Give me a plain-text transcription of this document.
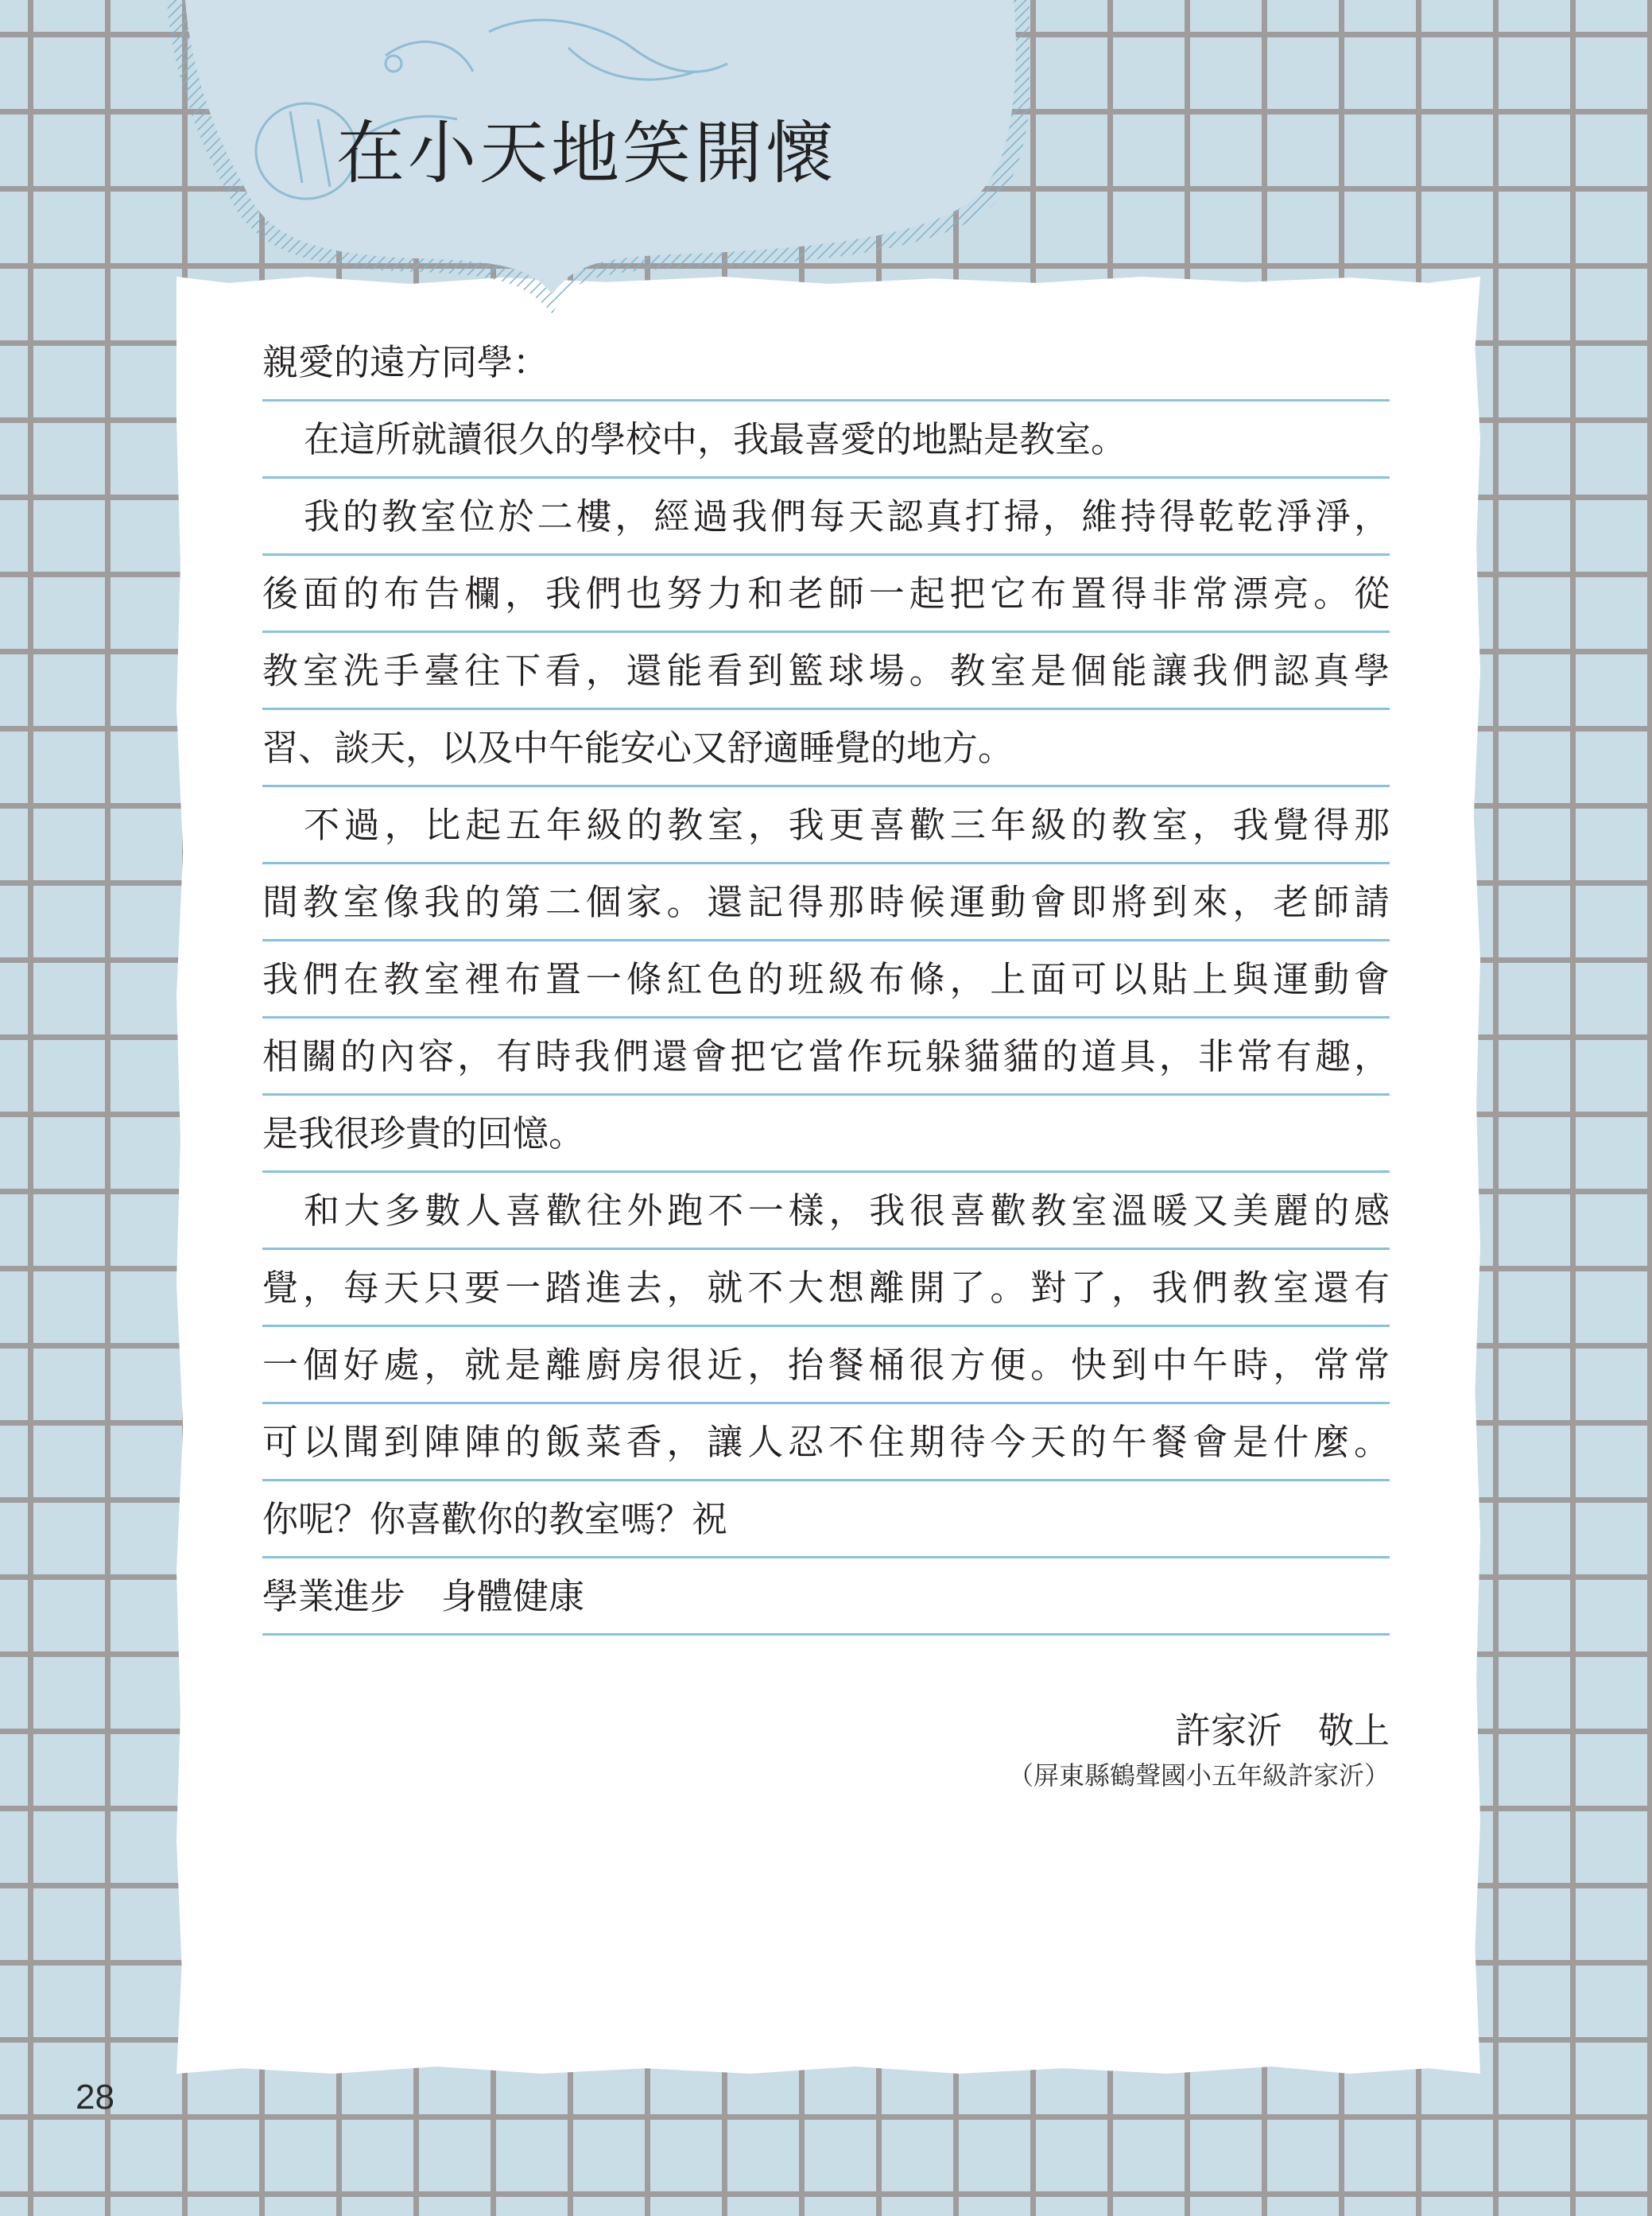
在小天地笑開懷
親愛的遠方同學：
在這所就讀很久的學校中，我最喜愛的地點是教室。
我的教室位於二樓，經過我們每天認真打掃，維持得乾乾淨淨，
後面的布告欄，我們也努力和老師一起把它布置得非常漂亮。從
教室洗手臺往下看，還能看到籃球場。教室是個能讓我們認真學
習、談天，以及中午能安心又舒適睡覺的地方。
不過，比起五年級的教室，我更喜歡三年級的教室，我覺得那
間教室像我的第二個家。還記得那時候運動會即將到來，老師請
我們在教室裡布置一條紅色的班級布條，上面可以貼上與運動會
相關的內容，有時我們還會把它當作玩躲貓貓的道具，非常有趣，
是我很珍貴的回憶。
和大多數人喜歡往外跑不一樣，我很喜歡教室溫暖又美麗的感
覺，每天只要一踏進去，就不大想離開了。對了，我們教室還有
一個好處，就是離廚房很近，抬餐桶很方便。快到中午時，常常
可以聞到陣陣的飯菜香，讓人忍不住期待今天的午餐會是什麼。
你呢？你喜歡你的教室嗎？祝
學業進步　身體健康
許家沂　敬上
（屏東縣鶴聲國小五年級許家沂）
28
